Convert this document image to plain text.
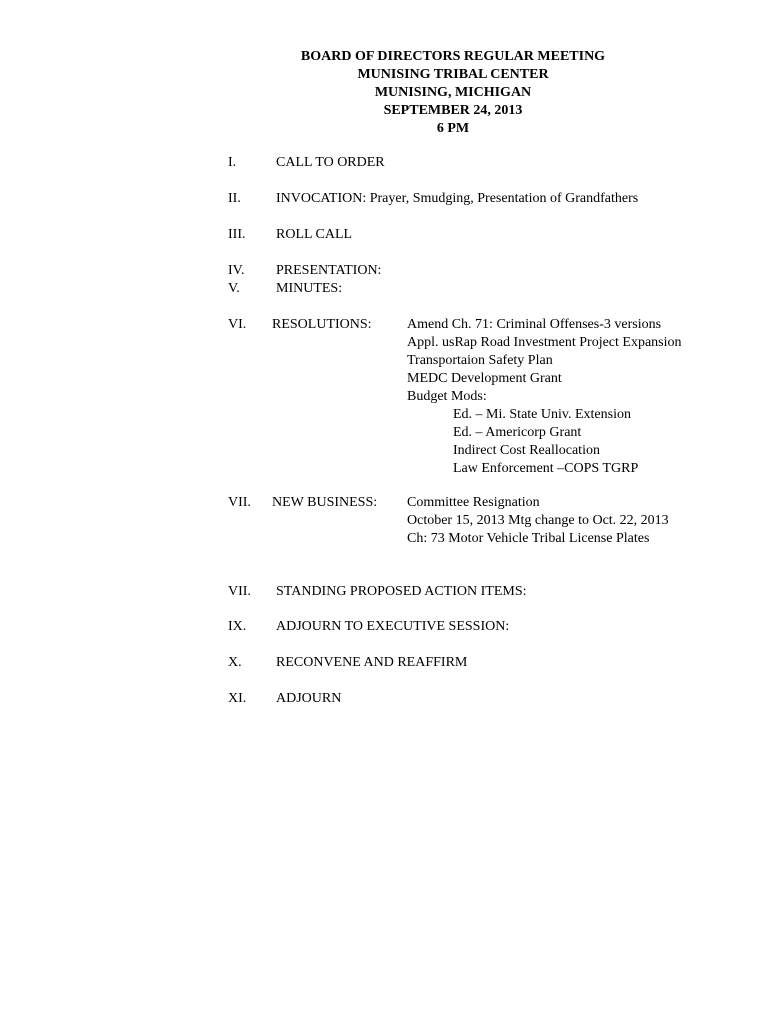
BOARD OF DIRECTORS REGULAR MEETING
MUNISING TRIBAL CENTER
MUNISING, MICHIGAN
SEPTEMBER 24, 2013
6 PM
I.	CALL TO ORDER
II.	INVOCATION: Prayer, Smudging, Presentation of Grandfathers
III. ROLL CALL
IV. PRESENTATION:
V.	MINUTES:
VI. RESOLUTIONS:	Amend Ch. 71: Criminal Offenses-3 versions
Appl. usRap Road Investment Project Expansion
Transportaion Safety Plan
MEDC Development Grant
Budget Mods:
Ed. – Mi. State Univ. Extension
Ed. – Americorp Grant
Indirect Cost Reallocation
Law Enforcement –COPS TGRP
VII. NEW BUSINESS: Committee Resignation
October 15, 2013 Mtg change to Oct. 22, 2013
Ch: 73 Motor Vehicle Tribal License Plates
VII. STANDING PROPOSED ACTION ITEMS:
IX. ADJOURN TO EXECUTIVE SESSION:
X. RECONVENE AND REAFFIRM
XI. ADJOURN
